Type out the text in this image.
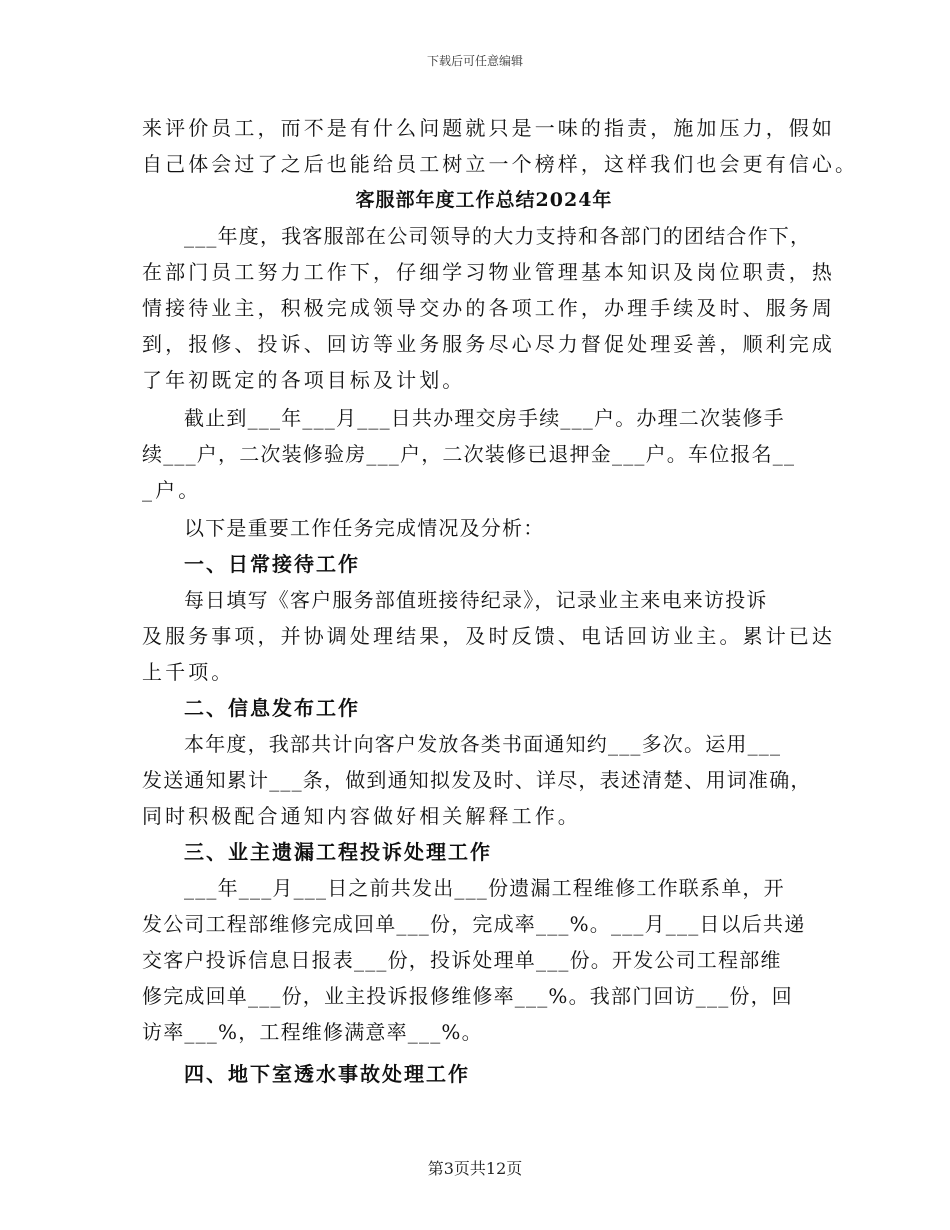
下载后可任意编辑
来评价员工，而不是有什么问题就只是一味的指责，施加压力，假如
自己体会过了之后也能给员工树立一个榜样，这样我们也会更有信心。
客服部年度工作总结2024年
___年度，我客服部在公司领导的大力支持和各部门的团结合作下，
在部门员工努力工作下，仔细学习物业管理基本知识及岗位职责，热
情接待业主，积极完成领导交办的各项工作，办理手续及时、服务周
到，报修、投诉、回访等业务服务尽心尽力督促处理妥善，顺利完成
了年初既定的各项目标及计划。
截止到___年___月___日共办理交房手续___户。办理二次装修手
续___户，二次装修验房___户，二次装修已退押金___户。车位报名__
_户。
以下是重要工作任务完成情况及分析：
一、日常接待工作
每日填写《客户服务部值班接待纪录》，记录业主来电来访投诉
及服务事项，并协调处理结果，及时反馈、电话回访业主。累计已达
上千项。
二、信息发布工作
本年度，我部共计向客户发放各类书面通知约___多次。运用___
发送通知累计___条，做到通知拟发及时、详尽，表述清楚、用词准确，
同时积极配合通知内容做好相关解释工作。
三、业主遗漏工程投诉处理工作
___年___月___日之前共发出___份遗漏工程维修工作联系单，开
发公司工程部维修完成回单___份，完成率___%。___月___日以后共递
交客户投诉信息日报表___份，投诉处理单___份。开发公司工程部维
修完成回单___份，业主投诉报修维修率___%。我部门回访___份，回
访率___%，工程维修满意率___%。
四、地下室透水事故处理工作
第3页共12页
